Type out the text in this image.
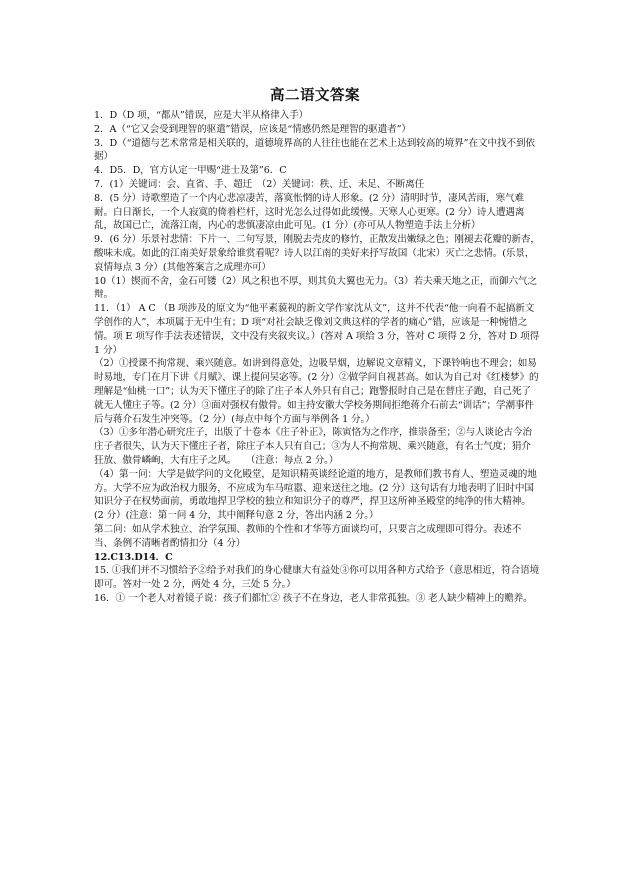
高二语文答案

1．D（D 项，“都从”错误，应是大半从格律入手）

2．A（“它又会受到理智的驱遣”错误，应该是“情感仍然是理智的驱遣者”）

3．D（“道德与艺术常常是相关联的，道德境界高的人往往也能在艺术上达到较高的境界”在文中找不到依据）

4．D5．D，官方认定一甲赐“进士及第”6．C

7．(1）关键词：会、直省、手、超迁　（2）关键词：秩、迁、未足、不断离任

8．(5 分）诗歌塑造了一个内心悲凉凄苦，落寞怅惘的诗人形象。(2 分）清明时节，凄风苦雨，寒气难耐。白日渐长，一个人寂寞的倚着栏杆，这时光怎么过得如此缓慢。天寒人心更寒。(2 分）诗人遭遇离乱，故国已亡，流落江南，内心的悲慎凄凉由此可见。(1 分）(亦可从人物塑造手法上分析）

9．(6 分）乐景衬悲情：下片一、二句写景，刚脱去壳皮的修竹，正散发出嫩绿之色；刚褪去花瓣的新杏，酸味未成。如此的江南美好景象给谁赏看呢？诗人以江南的美好来抒写故国（北宋）灭亡之悲情。(乐景，哀情每点 3 分）(其他答案言之成理亦可）

10（1）锲而不舍，金石可镂（2）风之积也不厚，则其负大翼也无力。（3）若夫乘天地之正，而御六气之辩。

11．（1） A C （B 项涉及的原文为“他平素藐视的新文学作家沈从文”，这并不代表“他一向看不起搞新文学创作的人”，本项属于无中生有；D 项“对社会缺乏像刘文典这样的学者的痛心”错，应该是一种惋惜之情。项 E 项写作手法表述错误，文中没有夹叙夹议。）(答对 A 项给 3 分，答对 C 项得 2 分，答对 D 项得 1 分）

（2）①授课不拘常规、乘兴随意。如讲到得意处，边吸旱烟，边解说文章精义，下课铃响也不理会；如易时易地，专门在月下讲《月赋》、课上提问吴宓等。(2 分）②做学问自视甚高。如认为自己对《红楼梦》的理解是“仙桃一口”；认为天下懂庄子的除了庄子本人外只有自己；跑警报时自己是在替庄子跑，自己死了就无人懂庄子等。(2 分）③面对强权有傲骨。如主持安徽大学校务期间拒绝蒋介石前去“训话”；学潮事件后与蒋介石发生冲突等。（2 分）(每点中每个方面与举例各 1 分。）

（3）①多年潜心研究庄子，出版了十卷本《庄子补正》，陈寅恪为之作序，推崇备至；②与人谈论古今治庄子者很失，认为天下懂庄子者，除庄子本人只有自己；③为人不拘常规、乘兴随意，有名士气度；狷介狂放、傲骨嶙峋，大有庄子之风。　　（注意：每点 2 分。）

（4）第一问：大学是做学问的文化殿堂，是知识精英谈经论道的地方，是教师们教书育人、塑造灵魂的地方。大学不应为政治权力服务，不应成为车马喧嚣、迎来送往之地。(2 分）这句话有力地表明了旧时中国知识分子在权势面前，勇敢地捍卫学校的独立和知识分子的尊严，捍卫这所神圣殿堂的纯净的伟大精神。(2 分）(注意：第一问 4 分，其中阐释句意 2 分，答出内涵 2 分。）

第二问：如从学术独立、治学氛围、教师的个性和才华等方面谈均可，只要言之成理即可得分。表述不当、条例不清晰者酌情扣分（4 分）

12.C13.D14．C

15. ①我们并不习惯给予②给予对我们的身心健康大有益处③你可以用各种方式给予（意思相近，符合语境即可。答对一处 2 分，两处 4 分，三处 5 分。）

16．① 一个老人对着镜子说：孩子们都忙② 孩子不在身边，老人非常孤独。③ 老人缺少精神上的赡养。
